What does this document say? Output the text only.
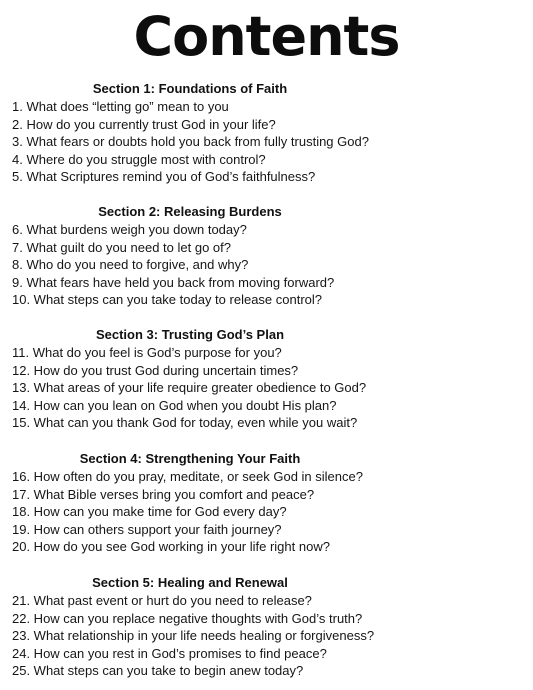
Contents
Section 1: Foundations of Faith
1. What does “letting go” mean to you
2. How do you currently trust God in your life?
3. What fears or doubts hold you back from fully trusting God?
4. Where do you struggle most with control?
5. What Scriptures remind you of God’s faithfulness?
Section 2: Releasing Burdens
6. What burdens weigh you down today?
7. What guilt do you need to let go of?
8. Who do you need to forgive, and why?
9. What fears have held you back from moving forward?
10. What steps can you take today to release control?
Section 3: Trusting God’s Plan
11. What do you feel is God’s purpose for you?
12. How do you trust God during uncertain times?
13. What areas of your life require greater obedience to God?
14. How can you lean on God when you doubt His plan?
15. What can you thank God for today, even while you wait?
Section 4: Strengthening Your Faith
16. How often do you pray, meditate, or seek God in silence?
17. What Bible verses bring you comfort and peace?
18. How can you make time for God every day?
19. How can others support your faith journey?
20. How do you see God working in your life right now?
Section 5: Healing and Renewal
21. What past event or hurt do you need to release?
22. How can you replace negative thoughts with God’s truth?
23. What relationship in your life needs healing or forgiveness?
24. How can you rest in God’s promises to find peace?
25. What steps can you take to begin anew today?
